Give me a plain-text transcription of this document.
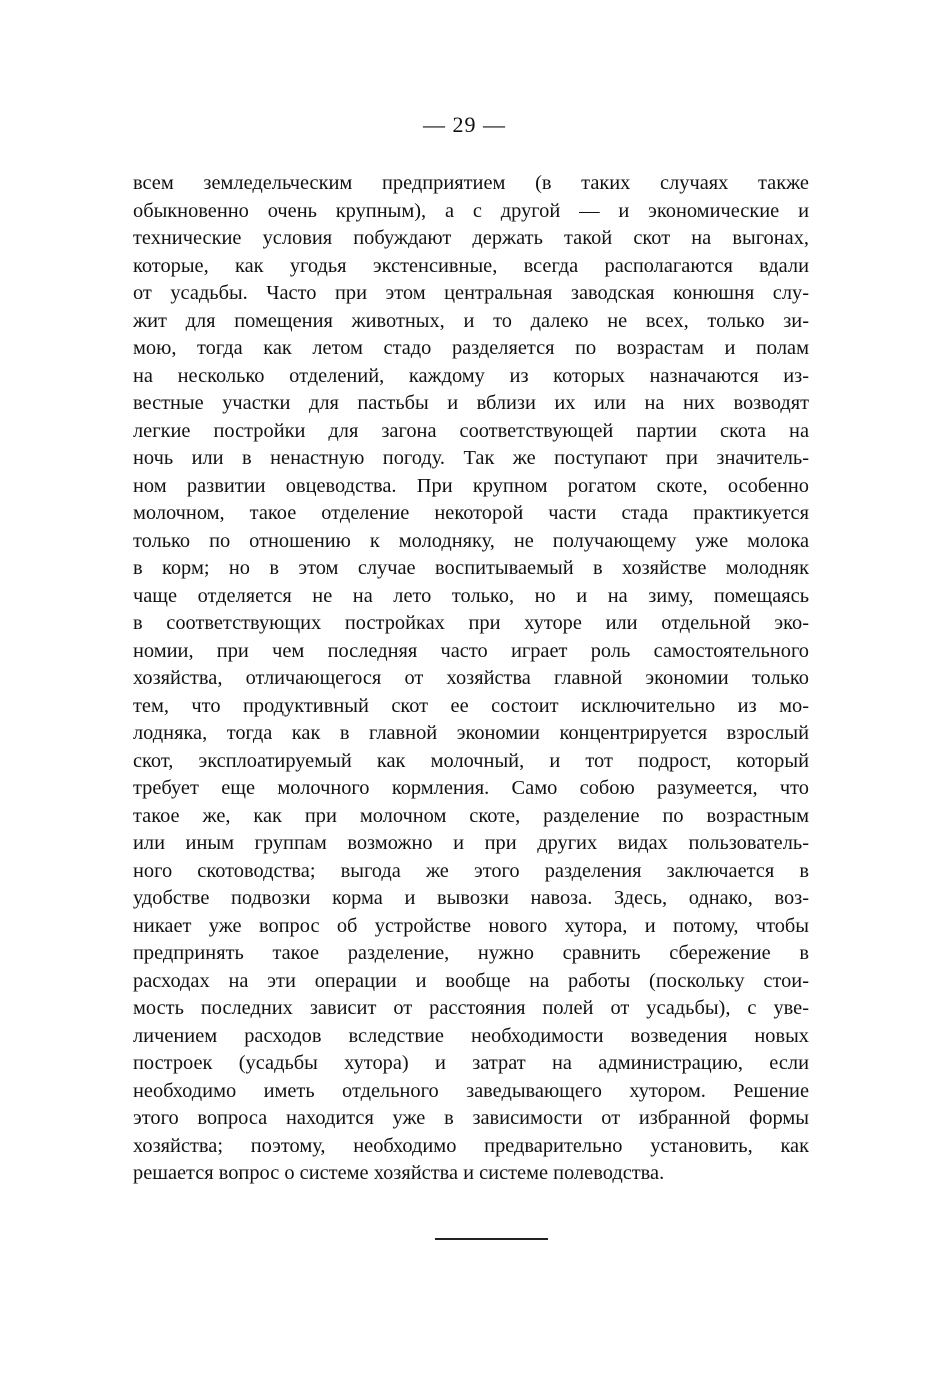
— 29 —
всем земледельческим предприятием (в таких случаях также
обыкновенно очень крупным), а с другой — и экономические и
технические условия побуждают держать такой скот на выгонах,
которые, как угодья экстенсивные, всегда располагаются вдали
от усадьбы. Часто при этом центральная заводская конюшня слу-
жит для помещения животных, и то далеко не всех, только зи-
мою, тогда как летом стадо разделяется по возрастам и полам
на несколько отделений, каждому из которых назначаются из-
вестные участки для пастьбы и вблизи их или на них возводят
легкие постройки для загона соответствующей партии скота на
ночь или в ненастную погоду. Так же поступают при значитель-
ном развитии овцеводства. При крупном рогатом скоте, особенно
молочном, такое отделение некоторой части стада практикуется
только по отношению к молодняку, не получающему уже молока
в корм; но в этом случае воспитываемый в хозяйстве молодняк
чаще отделяется не на лето только, но и на зиму, помещаясь
в соответствующих постройках при хуторе или отдельной эко-
номии, при чем последняя часто играет роль самостоятельного
хозяйства, отличающегося от хозяйства главной экономии только
тем, что продуктивный скот ее состоит исключительно из мо-
лодняка, тогда как в главной экономии концентрируется взрослый
скот, эксплоатируемый как молочный, и тот подрост, который
требует еще молочного кормления. Само собою разумеется, что
такое же, как при молочном скоте, разделение по возрастным
или иным группам возможно и при других видах пользователь-
ного скотоводства; выгода же этого разделения заключается в
удобстве подвозки корма и вывозки навоза. Здесь, однако, воз-
никает уже вопрос об устройстве нового хутора, и потому, чтобы
предпринять такое разделение, нужно сравнить сбережение в
расходах на эти операции и вообще на работы (поскольку стои-
мость последних зависит от расстояния полей от усадьбы), с уве-
личением расходов вследствие необходимости возведения новых
построек (усадьбы хутора) и затрат на администрацию, если
необходимо иметь отдельного заведывающего хутором. Решение
этого вопроса находится уже в зависимости от избранной формы
хозяйства; поэтому, необходимо предварительно установить, как
решается вопрос о системе хозяйства и системе полеводства.
